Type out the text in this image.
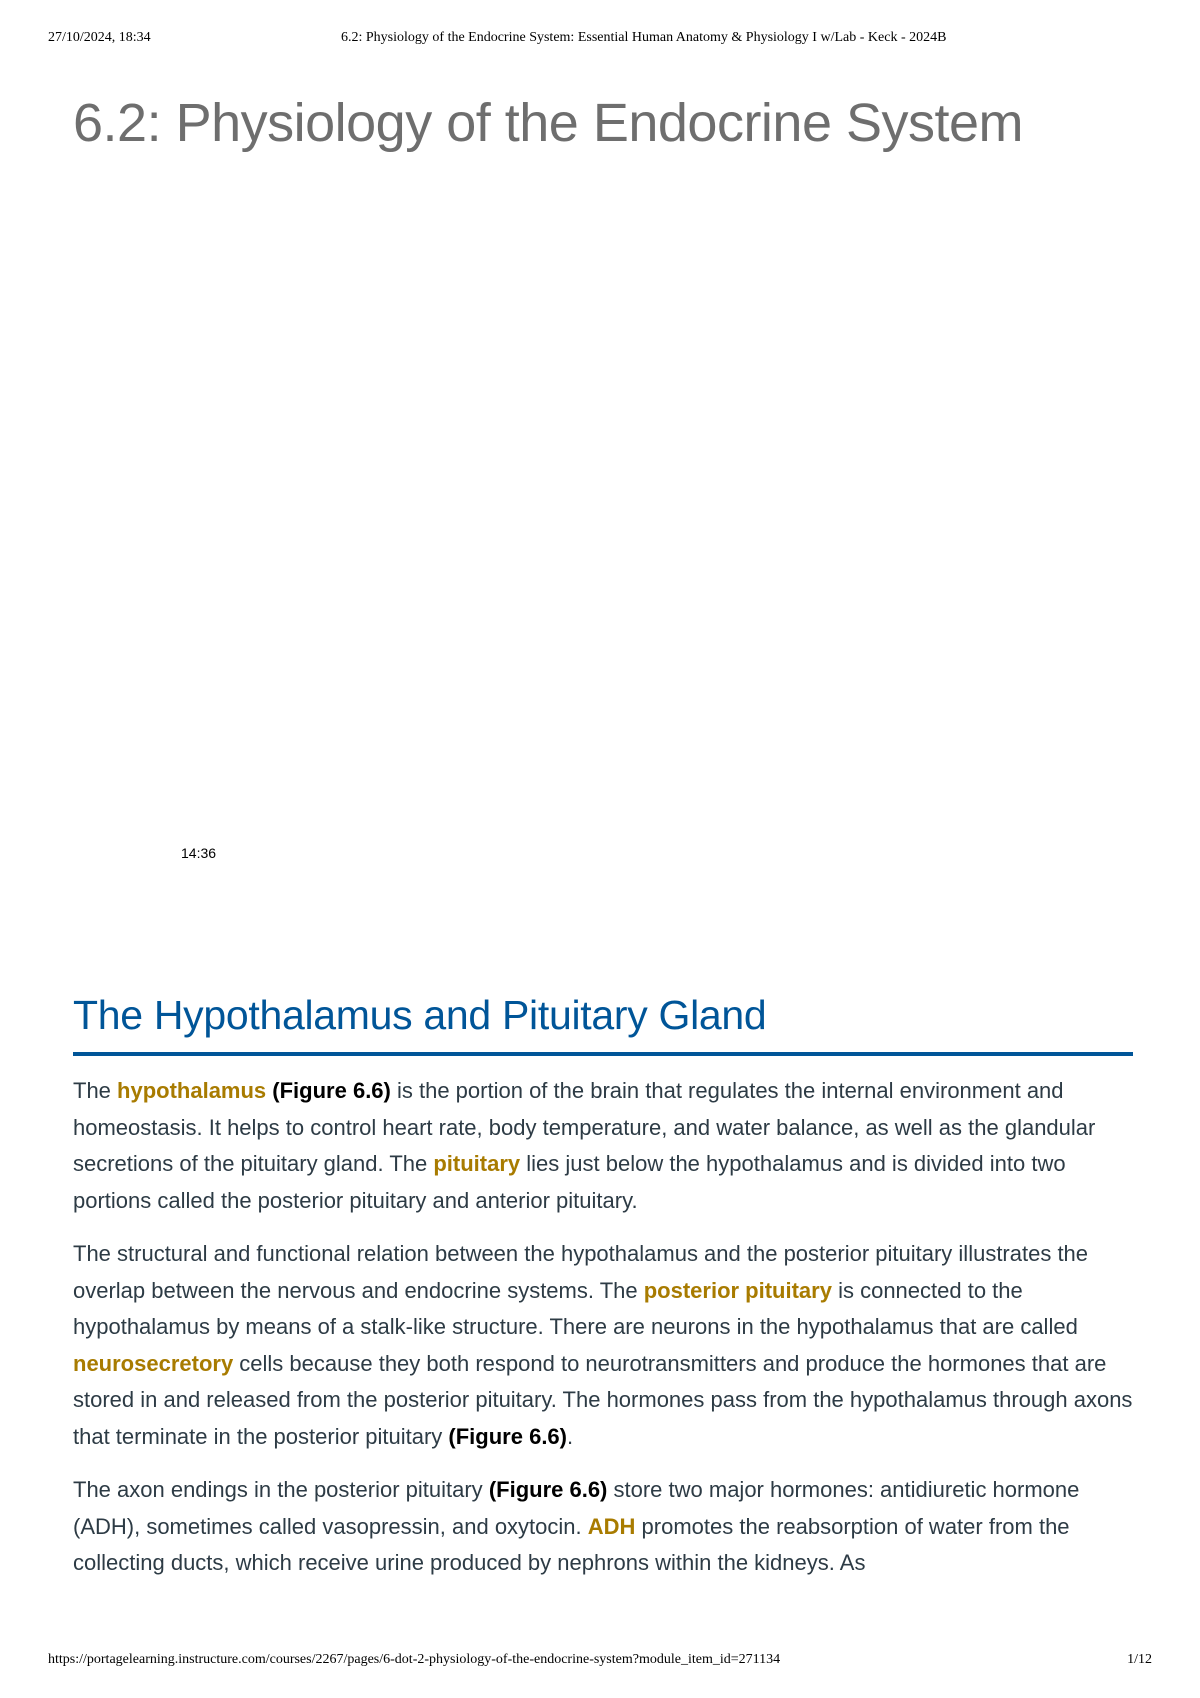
27/10/2024, 18:34	6.2: Physiology of the Endocrine System: Essential Human Anatomy & Physiology I w/Lab - Keck - 2024B
6.2: Physiology of the Endocrine System
14:36
The Hypothalamus and Pituitary Gland

The hypothalamus (Figure 6.6) is the portion of the brain that regulates the internal environment and homeostasis. It helps to control heart rate, body temperature, and water balance, as well as the glandular secretions of the pituitary gland. The pituitary lies just below the hypothalamus and is divided into two portions called the posterior pituitary and anterior pituitary.

The structural and functional relation between the hypothalamus and the posterior pituitary illustrates the overlap between the nervous and endocrine systems. The posterior pituitary is connected to the hypothalamus by means of a stalk-like structure. There are neurons in the hypothalamus that are called neurosecretory cells because they both respond to neurotransmitters and produce the hormones that are stored in and released from the posterior pituitary. The hormones pass from the hypothalamus through axons that terminate in the posterior pituitary (Figure 6.6).

The axon endings in the posterior pituitary (Figure 6.6) store two major hormones: antidiuretic hormone (ADH), sometimes called vasopressin, and oxytocin. ADH promotes the reabsorption of water from the collecting ducts, which receive urine produced by nephrons within the kidneys. As

https://portagelearning.instructure.com/courses/2267/pages/6-dot-2-physiology-of-the-endocrine-system?module_item_id=271134	1/12
